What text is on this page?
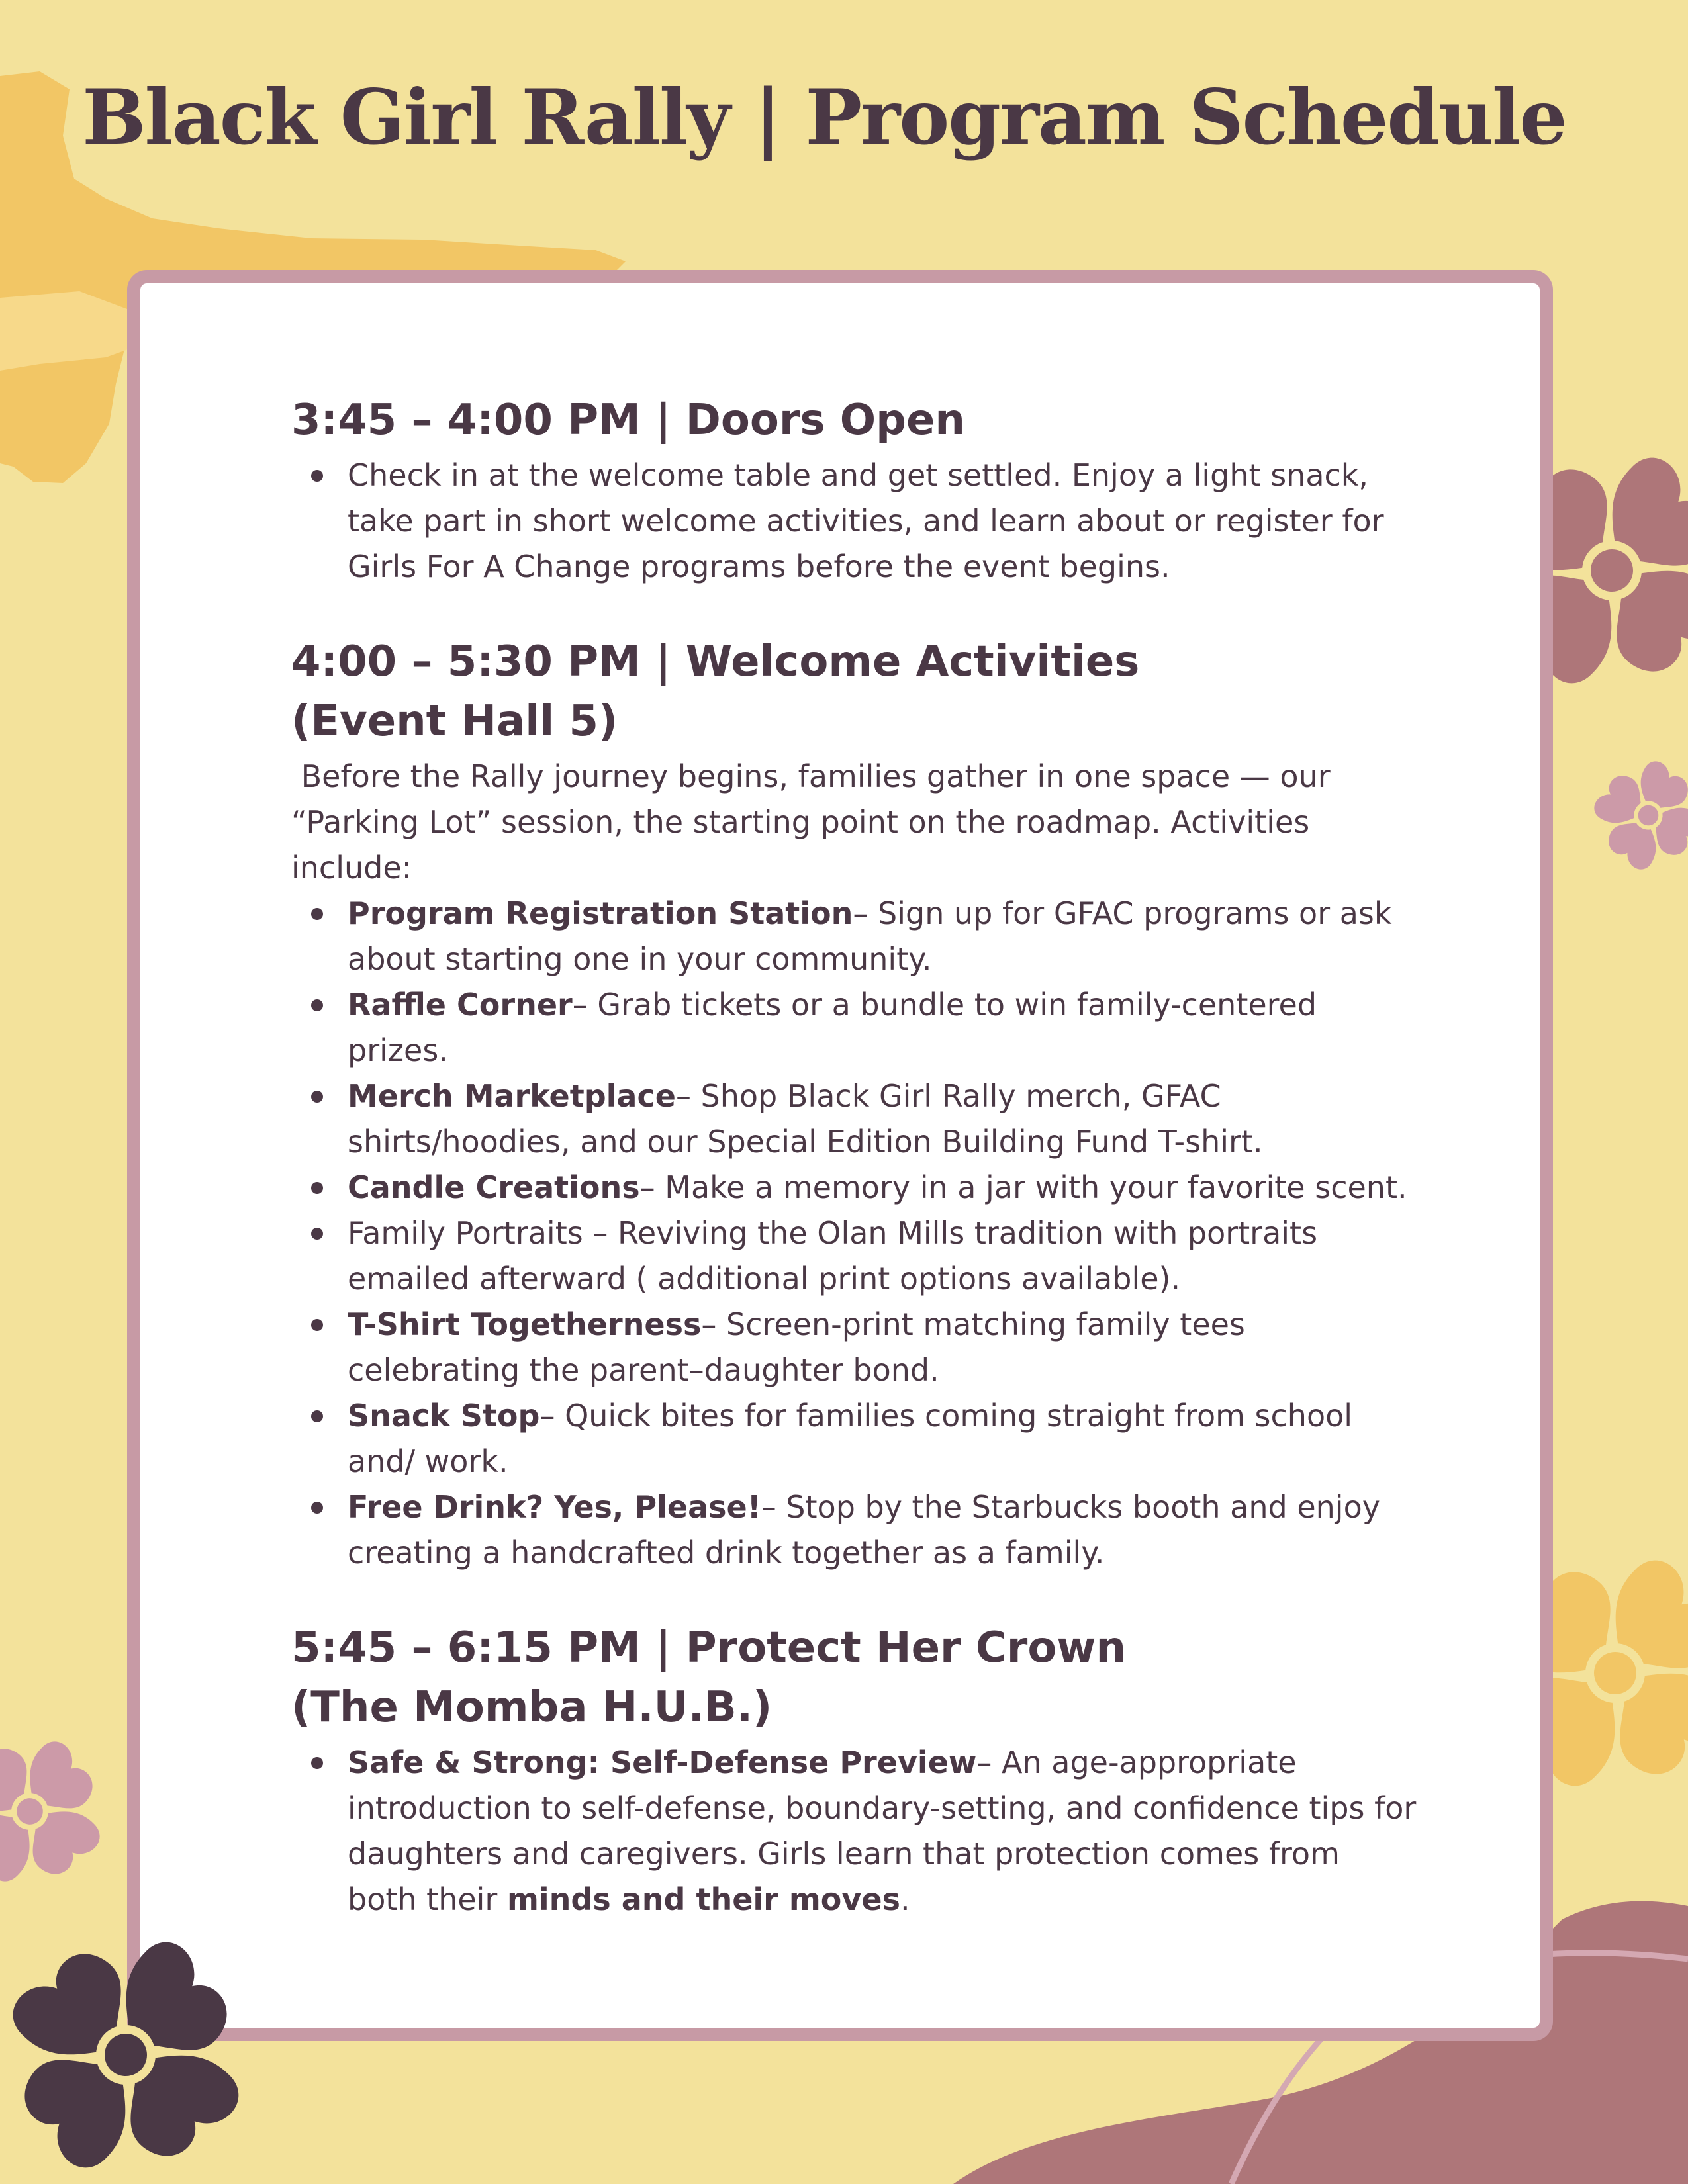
Black Girl Rally | Program Schedule
3:45 – 4:00 PM | Doors Open
Check in at the welcome table and get settled. Enjoy a light snack, take part in short welcome activities, and learn about or register for Girls For A Change programs before the event begins.
4:00 – 5:30 PM | Welcome Activities
(Event Hall 5)

Before the Rally journey begins, families gather in one space — our “Parking Lot” session, the starting point on the roadmap. Activities include:

Program Registration Station– Sign up for GFAC programs or ask about starting one in your community.
Raffle Corner– Grab tickets or a bundle to win family-centered prizes.
Merch Marketplace– Shop Black Girl Rally merch, GFAC shirts/hoodies, and our Special Edition Building Fund T-shirt.
Candle Creations– Make a memory in a jar with your favorite scent.
Family Portraits – Reviving the Olan Mills tradition with portraits emailed afterward ( additional print options available).
T-Shirt Togetherness– Screen-print matching family tees celebrating the parent–daughter bond.
Snack Stop– Quick bites for families coming straight from school and/ work.
Free Drink? Yes, Please!– Stop by the Starbucks booth and enjoy creating a handcrafted drink together as a family.
5:45 – 6:15 PM | Protect Her Crown
(The Momba H.U.B.)
Safe & Strong: Self-Defense Preview– An age-appropriate introduction to self-defense, boundary-setting, and confidence tips for daughters and caregivers. Girls learn that protection comes from both their minds and their moves.
